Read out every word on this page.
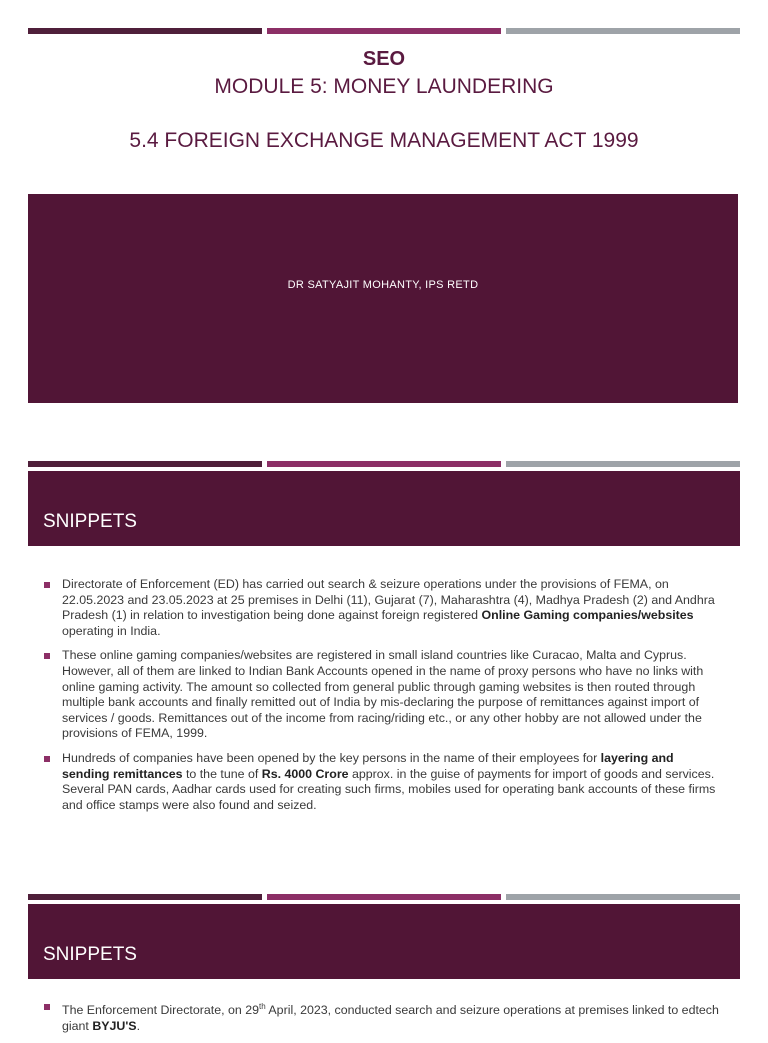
SEO
MODULE 5: MONEY LAUNDERING
5.4 FOREIGN EXCHANGE MANAGEMENT ACT 1999
DR SATYAJIT MOHANTY, IPS RETD
SNIPPETS
Directorate of Enforcement (ED) has carried out search & seizure operations under the provisions of FEMA, on 22.05.2023 and 23.05.2023 at 25 premises in Delhi (11), Gujarat (7), Maharashtra (4), Madhya Pradesh (2) and Andhra Pradesh (1) in relation to investigation being done against foreign registered Online Gaming companies/websites operating in India.
These online gaming companies/websites are registered in small island countries like Curacao, Malta and Cyprus. However, all of them are linked to Indian Bank Accounts opened in the name of proxy persons who have no links with online gaming activity. The amount so collected from general public through gaming websites is then routed through multiple bank accounts and finally remitted out of India by mis-declaring the purpose of remittances against import of services / goods. Remittances out of the income from racing/riding etc., or any other hobby are not allowed under the provisions of FEMA, 1999.
Hundreds of companies have been opened by the key persons in the name of their employees for layering and sending remittances to the tune of Rs. 4000 Crore approx. in the guise of payments for import of goods and services. Several PAN cards, Aadhar cards used for creating such firms, mobiles used for operating bank accounts of these firms and office stamps were also found and seized.
SNIPPETS
The Enforcement Directorate, on 29th April, 2023, conducted search and seizure operations at premises linked to edtech giant BYJU'S.
